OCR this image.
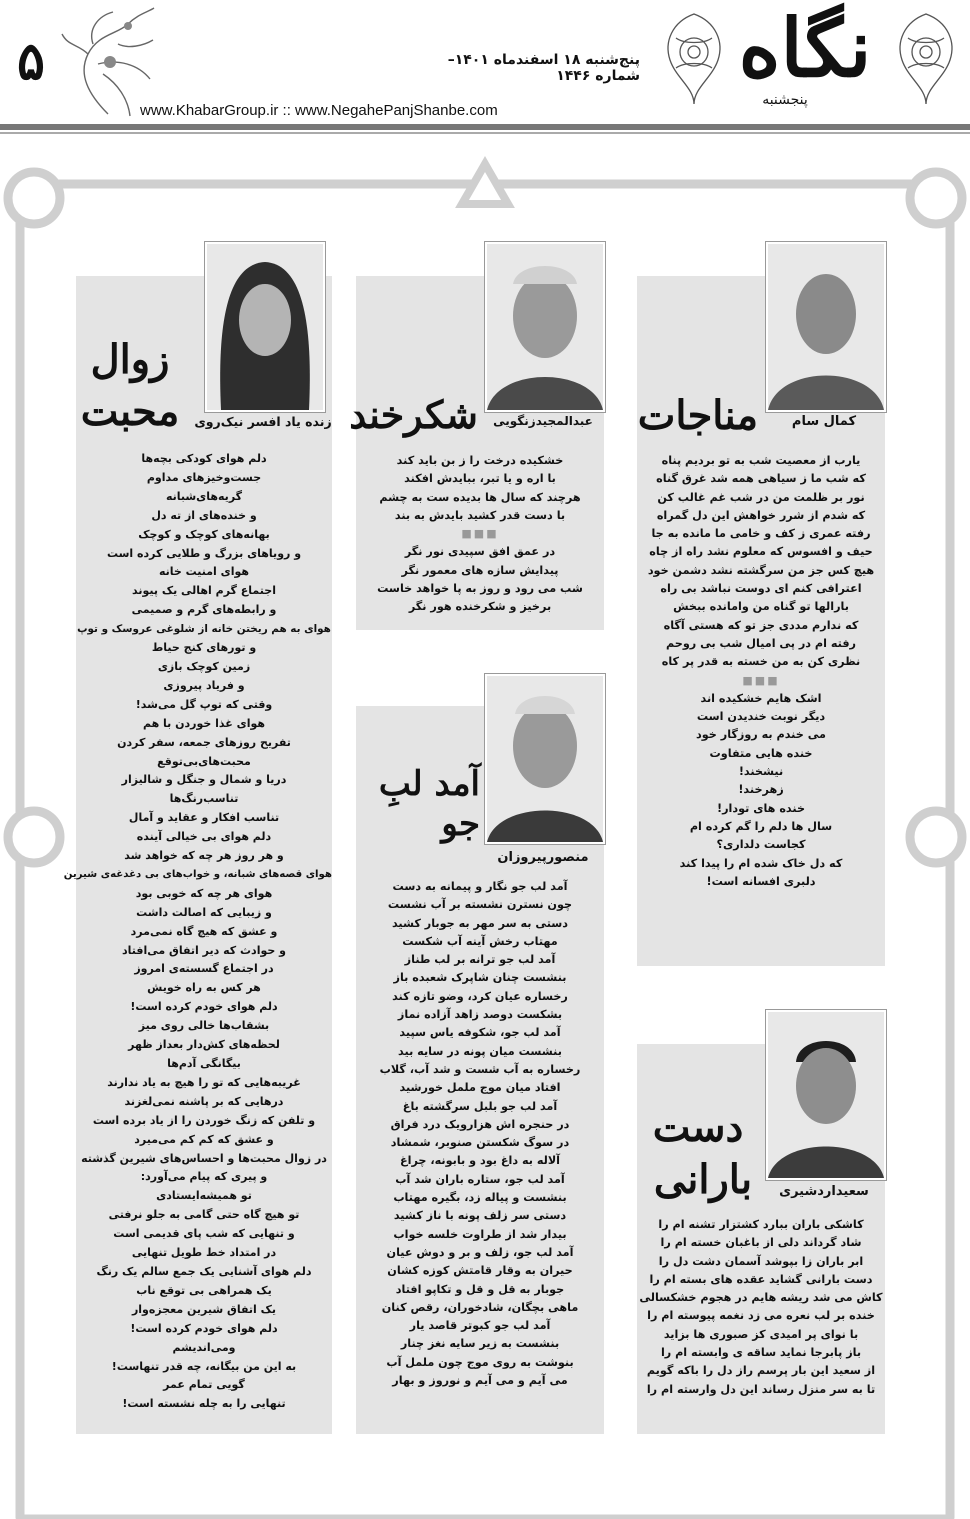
۵	پنج‌شنبه ۱۸ اسفندماه ۱۴۰۱– شماره ۱۴۴۶
www.KhabarGroup.ir :: www.NegahePanjShanbe.com
نگاه
پنجشنبه
مناجات	کمال سام
یارب از معصیت شب به تو بردیم پناه
که شب ما ز سیاهی همه شد غرق گناه
نور بر ظلمت من در شب غم غالب کن
که شدم از شرر خواهش این دل گمراه
رفته عمری ز کف و خامی ما مانده به جا
حیف و افسوس که معلوم نشد راه از چاه
هیچ کس جز من سرگشته نشد دشمن خود
اعترافی کنم ای دوست نباشد بی راه
بارالها تو گناه من وامانده ببخش
که ندارم مددی جز تو که هستی آگاه
رفته ام در پی امیال شب بی روحم
نظری کن به من خسته به قدر پر کاه
■■■
اشک هایم خشکیده اند
دیگر نوبت خندیدن است
می خندم به روزگار خود
خنده هایی متفاوت
نیشخند!
زهرخند!
خنده های تودار!
سال ها دلم را گم کرده ام
کجاست دلداری؟
که دل خاک شده ام را پیدا کند
دلبری افسانه است!
شکرخند	عبدالمجیدزنگویی
خشکیده درخت را ز بن باید کند
با اره و یا تبر، ببایدش افکند
هرچند که سال ها بدیده ست به چشم
با دست قدر کشید بایدش به بند
■■■
در عمق افق سپیدی نور نگر
پیدایش سازه های معمور نگر
شب می رود و روز به پا خواهد خاست
برخیز و شکرخنده هور نگر
آمد لبِ جو
منصورپیروزان
آمد لب جو نگار و پیمانه به دست
چون نسترن نشسته بر آب نشست
دستی به سر مهر به جوبار کشید
مهتاب رخش آینه آب شکست
آمد لب جو ترانه بر لب طناز
بنشست چنان شاپرک شعبده باز
رخساره عیان کرد، وضو تازه کند
بشکست دوصد زاهد آزاده نماز
آمد لب جو، شکوفه یاس سپید
بنشست میان پونه در سایه بید
رخساره به آب شست و شد آب، گلاب
افتاد میان موج ململ خورشید
آمد لب جو بلبل سرگشته باغ
در حنجره اش هزارویک درد فراق
در سوگ شکستن صنوبر، شمشاد
آلاله به داغ بود و بابونه، چراغ
آمد لب جو، ستاره باران شد آب
بنشست و پیاله زد، بگیره مهتاب
دستی سر زلف پونه با ناز کشید
بیدار شد از طراوت خلسه خواب
آمد لب جو، زلف و بر و دوش عیان
حیران به وقار قامتش کوزه کشان
جوبار به قل و قل و تکاپو افتاد
ماهی بچگان، شادخوران، رقص کنان
آمد لب جو کبوتر قاصد یار
بنشست به زیر سایه نغز چنار
بنوشت به روی موج چون ململ آب
می آیم و می آیم و نوروز و بهار
زوال
محبت	زنده یاد افسر نیک‌روی
دلم هوای کودکی بچه‌ها
جست‌وخیزهای مداوم
گریه‌های‌شبانه
و خنده‌های از ته دل
بهانه‌های کوچک و کوچک
و رویاهای بزرگ و طلایی کرده است
هوای امنیت خانه
اجتماع گرم اهالی یک پیوند
و رابطه‌های گرم و صمیمی
هوای به هم ریختن خانه از شلوغی عروسک و توپ
و تورهای کنج حیاط
زمین کوچک بازی
و فریاد پیروزی
وقتی که توپ گل می‌شد!
هوای غذا خوردن با هم
تفریح روزهای جمعه، سفر کردن
محبت‌های‌بی‌توقع
دریا و شمال و جنگل و شالیزار
تناسب‌رنگ‌ها
تناسب افکار و عقاید و آمال
دلم هوای بی خیالی آینده
و هر روز هر چه که خواهد شد
هوای قصه‌های شبانه، و خواب‌های بی دغدغه‌ی شیرین
هوای هر چه که خوبی بود
و زیبایی که اصالت داشت
و عشق که هیچ گاه نمی‌مرد
و حوادث که دیر اتفاق می‌افتاد
در اجتماع گسسته‌ی امروز
هر کس به راه خویش
دلم هوای خودم کرده است!
بشقاب‌ها خالی روی میز
لحظه‌های کش‌دار بعداز ظهر
بیگانگی آدم‌ها
غریبه‌هایی که تو را هیچ به یاد ندارند
درهایی که بر پاشنه نمی‌لغزند
و تلفن که زنگ خوردن را از یاد برده است
و عشق که کم کم می‌میرد
در زوال محبت‌ها و احساس‌های شیرین گذشته
و پیری که پیام می‌آورد:
تو همیشه‌ایستادی
تو هیچ گاه حتی گامی به جلو نرفتی
و تنهایی که شب پای قدیمی است
در امتداد خط طویل تنهایی
دلم هوای آشنایی یک جمع سالم یک رنگ
یک همراهی بی توقع ناب
یک اتفاق شیرین معجزه‌وار
دلم هوای خودم کرده است!
ومی‌اندیشم
به این من بیگانه، چه قدر تنهاست!
گویی تمام عمر
تنهایی را به چله نشسته است!
دست
بارانی	سعیداردشیری
کاشکی باران ببارد کشتزار تشنه ام را
شاد گرداند دلی از باغبان خسته ام را
ابر باران زا بپوشد آسمان دشت دل را
دست بارانی گشاید عقده های بسته ام را
کاش می شد ریشه هایم در هجوم خشکسالی
خنده بر لب نعره می زد نغمه پیوسته ام را
با نوای پر امیدی کز صبوری ها بزاید
باز پابرجا نماید ساقه ی وابسته ام را
از سعید این بار پرسم راز دل را باکه گویم
تا به سر منزل رساند این دل وارسته ام را
